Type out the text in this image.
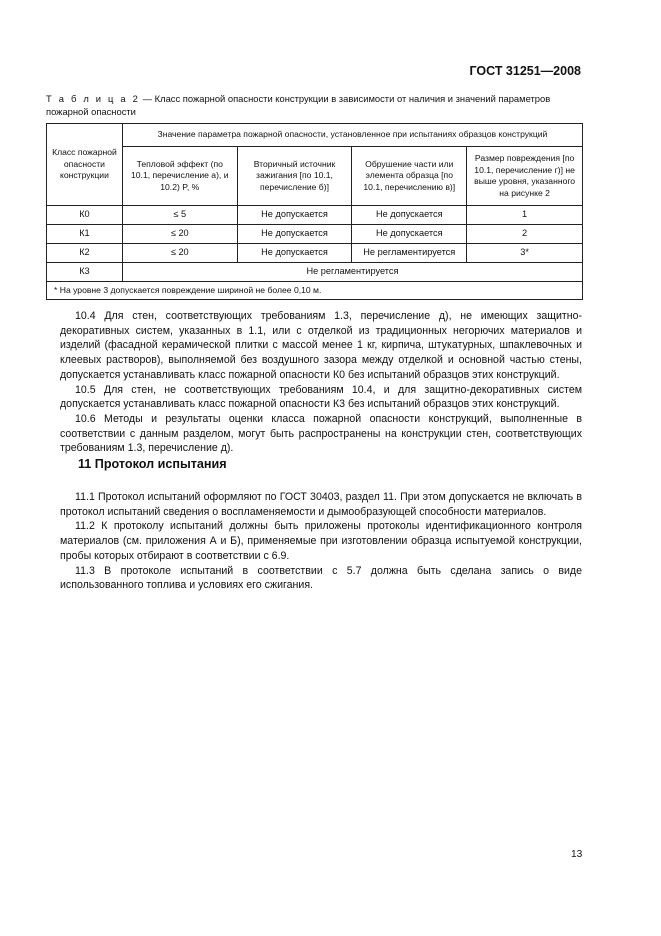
ГОСТ 31251—2008
Т а б л и ц а 2 — Класс пожарной опасности конструкции в зависимости от наличия и значений параметров пожарной опасности
Класс пожарной опасности конструкции	Значение параметра пожарной опасности, установленное при испытаниях образцов конструкций			
	Тепловой эффект (по 10.1, перечисление а), и 10.2) P, %	Вторичный источник зажигания [по 10.1, перечисление б)]	Обрушение части или элемента образца [по 10.1, перечислению в)]	Размер повреждения [по 10.1, перечисление г)] не выше уровня, указанного на рисунке 2
К0	≤ 5	Не допускается	Не допускается	1
К1	≤ 20	Не допускается	Не допускается	2
К2	≤ 20	Не допускается	Не регламентируется	3*
К3	Не регламентируется			
* На уровне 3 допускается повреждение шириной не более 0,10 м.				

10.4 Для стен, соответствующих требованиям 1.3, перечисление д), не имеющих защитно-декоративных систем, указанных в 1.1, или с отделкой из традиционных негорючих материалов и изделий (фасадной керамической плитки с массой менее 1 кг, кирпича, штукатурных, шпаклевочных и клеевых растворов), выполняемой без воздушного зазора между отделкой и основной частью стены, допускается устанавливать класс пожарной опасности К0 без испытаний образцов этих конструкций.

10.5 Для стен, не соответствующих требованиям 10.4, и для защитно-декоративных систем допускается устанавливать класс пожарной опасности К3 без испытаний образцов этих конструкций.

10.6 Методы и результаты оценки класса пожарной опасности конструкций, выполненные в соответствии с данным разделом, могут быть распространены на конструкции стен, соответствующих требованиям 1.3, перечисление д).

11 Протокол испытания

11.1 Протокол испытаний оформляют по ГОСТ 30403, раздел 11. При этом допускается не включать в протокол испытаний сведения о воспламеняемости и дымообразующей способности материалов.

11.2 К протоколу испытаний должны быть приложены протоколы идентификационного контроля материалов (см. приложения А и Б), применяемые при изготовлении образца испытуемой конструкции, пробы которых отбирают в соответствии с 6.9.

11.3 В протоколе испытаний в соответствии с 5.7 должна быть сделана запись о виде использованного топлива и условиях его сжигания.

13
